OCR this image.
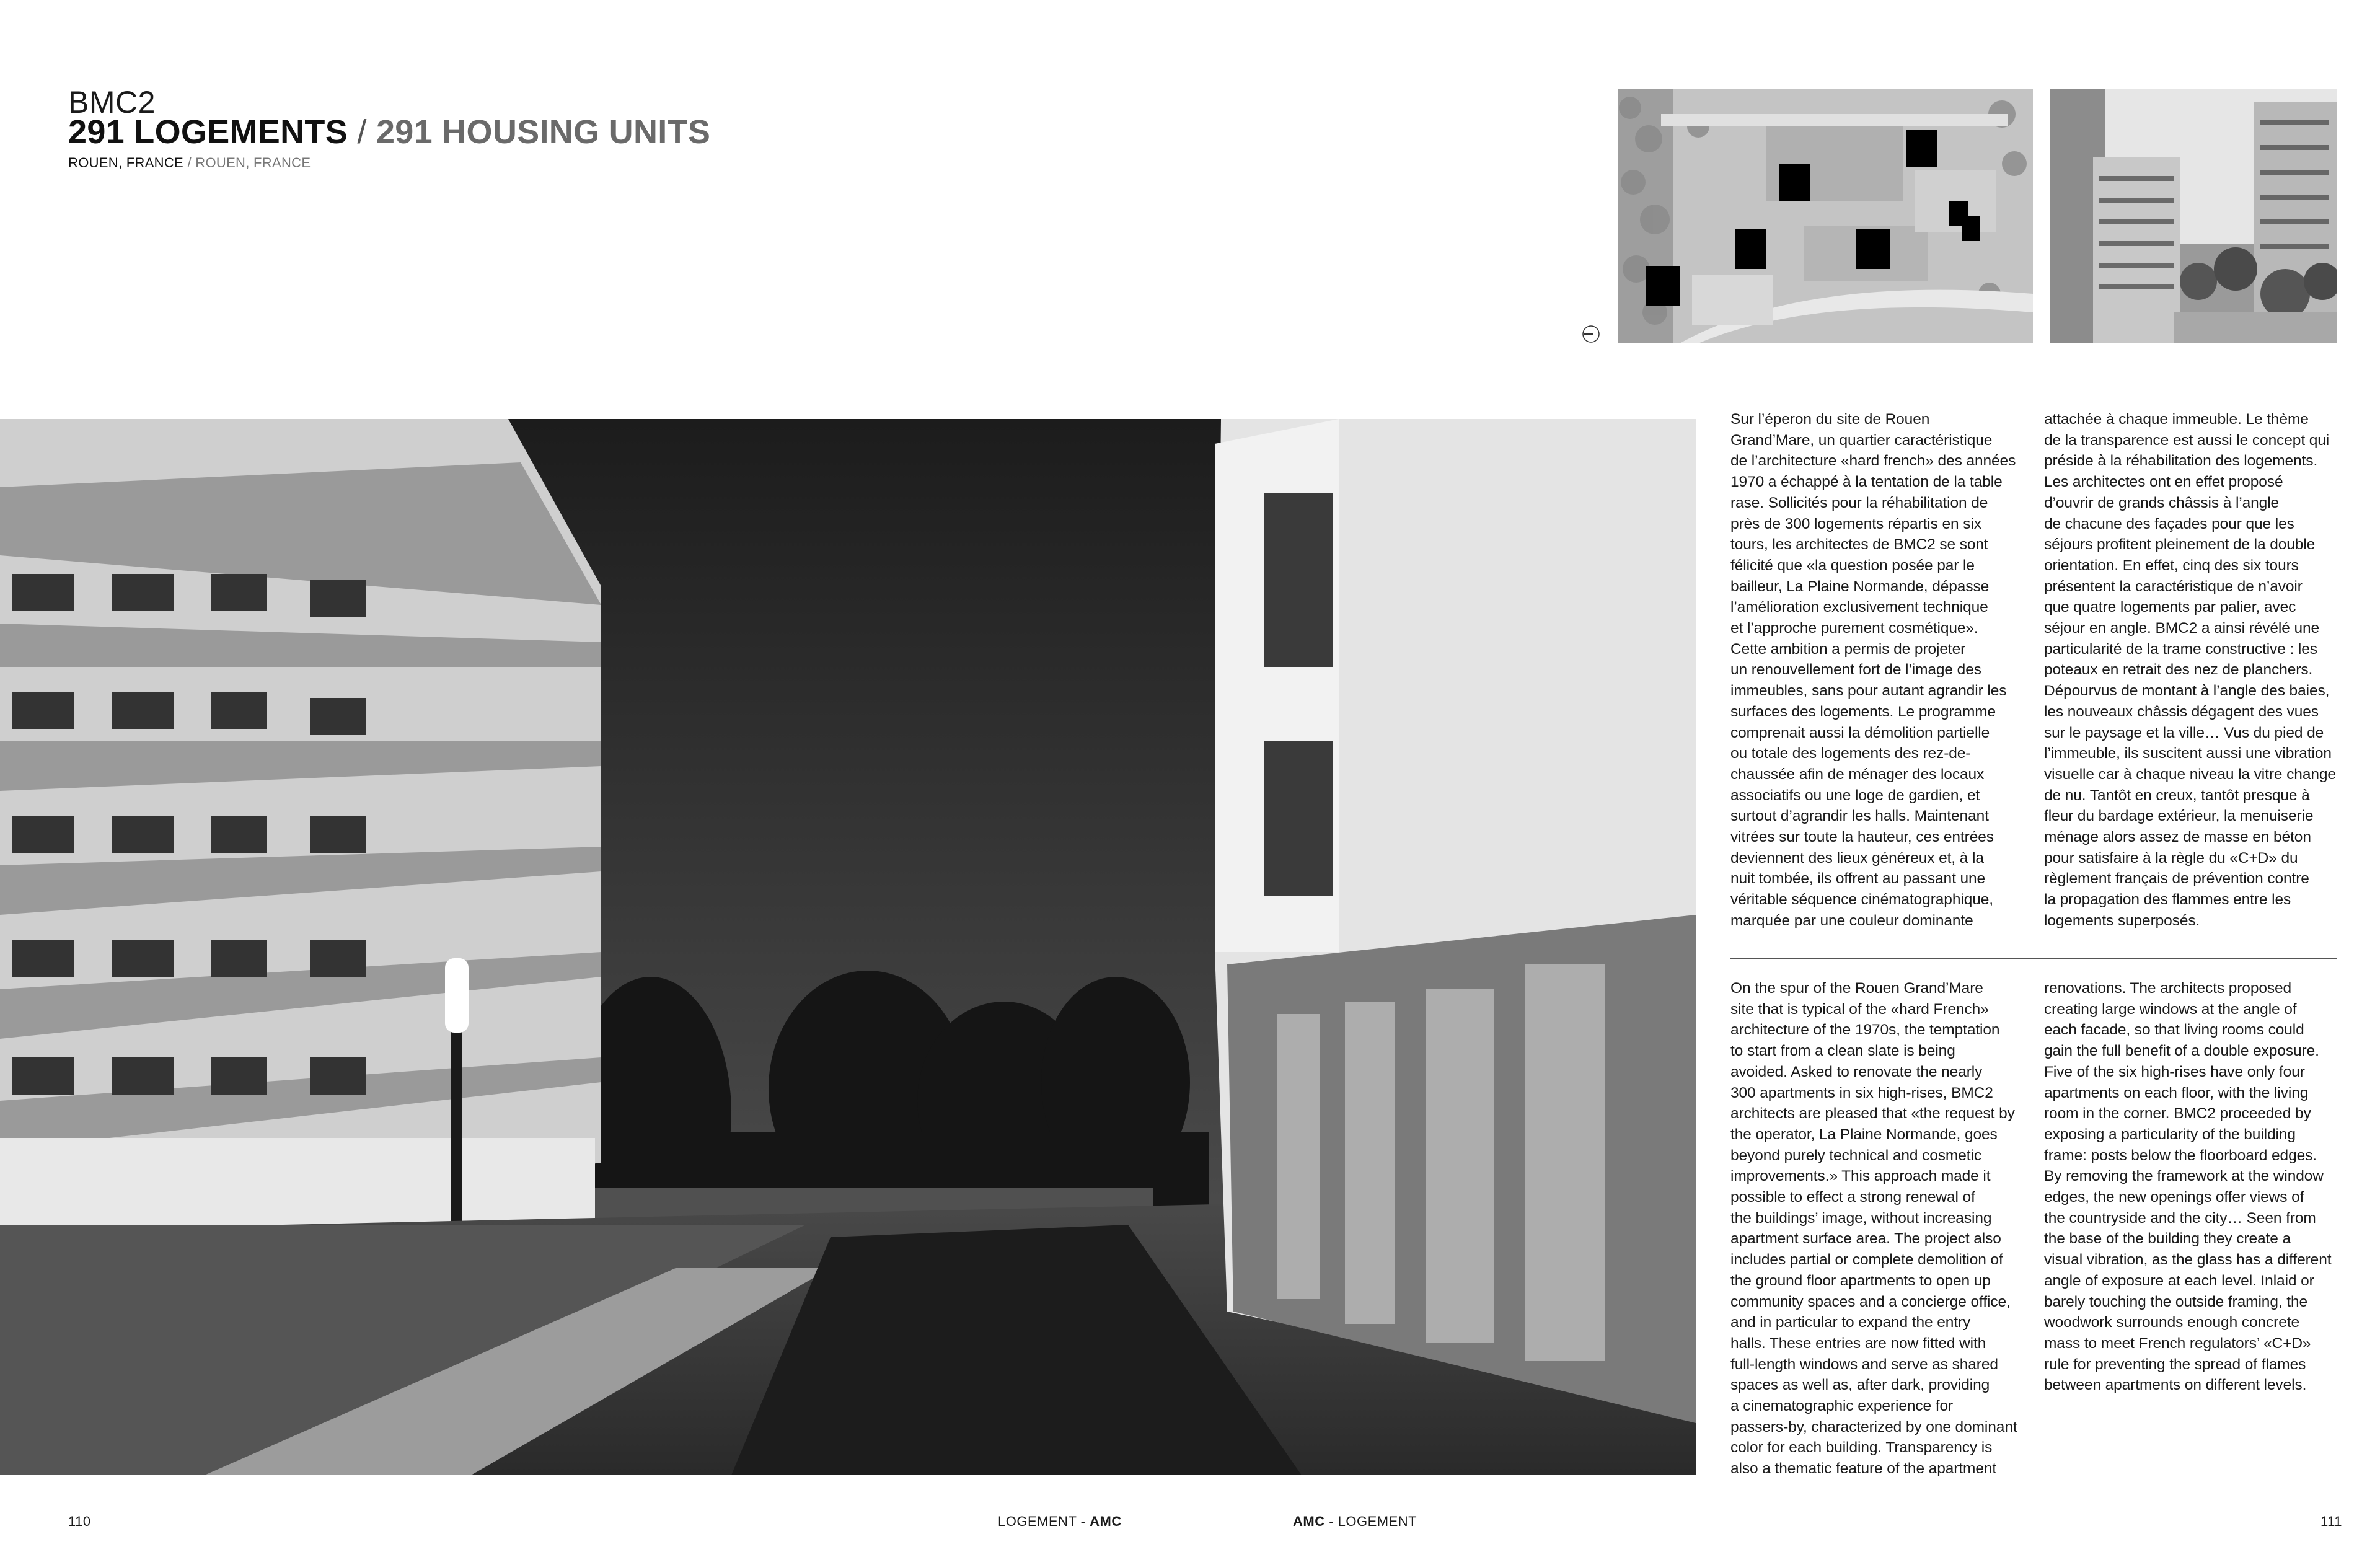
BMC2
291 LOGEMENTS / 291 HOUSING UNITS
ROUEN, FRANCE / ROUEN, FRANCE
Sur l’éperon du site de Rouen
Grand’Mare, un quartier caractéristique
de l’architecture «hard french» des années
1970 a échappé à la tentation de la table
rase. Sollicités pour la réhabilitation de
près de 300 logements répartis en six
tours, les architectes de BMC2 se sont
félicité que «la question posée par le
bailleur, La Plaine Normande, dépasse
l’amélioration exclusivement technique
et l’approche purement cosmétique».
Cette ambition a permis de projeter
un renouvellement fort de l’image des
immeubles, sans pour autant agrandir les
surfaces des logements. Le programme
comprenait aussi la démolition partielle
ou totale des logements des rez-de-
chaussée afin de ménager des locaux
associatifs ou une loge de gardien, et
surtout d’agrandir les halls. Maintenant
vitrées sur toute la hauteur, ces entrées
deviennent des lieux généreux et, à la
nuit tombée, ils offrent au passant une
véritable séquence cinématographique,
marquée par une couleur dominante
attachée à chaque immeuble. Le thème
de la transparence est aussi le concept qui
préside à la réhabilitation des logements.
Les architectes ont en effet proposé
d’ouvrir de grands châssis à l’angle
de chacune des façades pour que les
séjours profitent pleinement de la double
orientation. En effet, cinq des six tours
présentent la caractéristique de n’avoir
que quatre logements par palier, avec
séjour en angle. BMC2 a ainsi révélé une
particularité de la trame constructive : les
poteaux en retrait des nez de planchers.
Dépourvus de montant à l’angle des baies,
les nouveaux châssis dégagent des vues
sur le paysage et la ville… Vus du pied de
l’immeuble, ils suscitent aussi une vibration
visuelle car à chaque niveau la vitre change
de nu. Tantôt en creux, tantôt presque à
fleur du bardage extérieur, la menuiserie
ménage alors assez de masse en béton
pour satisfaire à la règle du «C+D» du
règlement français de prévention contre
la propagation des flammes entre les
logements superposés.
On the spur of the Rouen Grand’Mare
site that is typical of the «hard French»
architecture of the 1970s, the temptation
to start from a clean slate is being
avoided. Asked to renovate the nearly
300 apartments in six high-rises, BMC2
architects are pleased that «the request by
the operator, La Plaine Normande, goes
beyond purely technical and cosmetic
improvements.» This approach made it
possible to effect a strong renewal of
the buildings’ image, without increasing
apartment surface area. The project also
includes partial or complete demolition of
the ground floor apartments to open up
community spaces and a concierge office,
and in particular to expand the entry
halls. These entries are now fitted with
full-length windows and serve as shared
spaces as well as, after dark, providing
a cinematographic experience for
passers-by, characterized by one dominant
color for each building. Transparency is
also a thematic feature of the apartment
renovations. The architects proposed
creating large windows at the angle of
each facade, so that living rooms could
gain the full benefit of a double exposure.
Five of the six high-rises have only four
apartments on each floor, with the living
room in the corner. BMC2 proceeded by
exposing a particularity of the building
frame: posts below the floorboard edges.
By removing the framework at the window
edges, the new openings offer views of
the countryside and the city… Seen from
the base of the building they create a
visual vibration, as the glass has a different
angle of exposure at each level. Inlaid or
barely touching the outside framing, the
woodwork surrounds enough concrete
mass to meet French regulators’ «C+D»
rule for preventing the spread of flames
between apartments on different levels.
110	LOGEMENT - AMC	AMC - LOGEMENT	111
